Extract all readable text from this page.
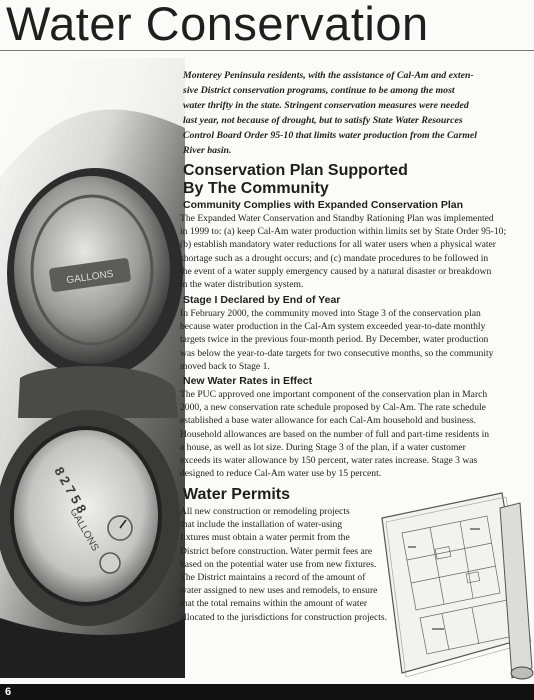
Water Conservation
GALLONS
8 2 7 5 8
GALLONS
Monterey Peninsula residents, with the assistance of Cal-Am and exten-
sive District conservation programs, continue to be among the most
water thrifty in the state. Stringent conservation measures were needed
last year, not because of drought, but to satisfy State Water Resources
Control Board Order 95-10 that limits water production from the Carmel
River basin.
Conservation Plan Supported
By The Community
Community Complies with Expanded Conservation Plan

The Expanded Water Conservation and Standby Rationing Plan was implemented
in 1999 to: (a) keep Cal-Am water production within limits set by State Order 95-10;
(b) establish mandatory water reductions for all water users when a physical water
shortage such as a drought occurs; and (c) mandate procedures to be followed in
the event of a water supply emergency caused by a natural disaster or breakdown
in the water distribution system.

Stage I Declared by End of Year

In February 2000, the community moved into Stage 3 of the conservation plan
because water production in the Cal-Am system exceeded year-to-date monthly
targets twice in the previous four-month period. By December, water production
was below the year-to-date targets for two consecutive months, so the community
moved back to Stage 1.

New Water Rates in Effect

The PUC approved one important component of the conservation plan in March
2000, a new conservation rate schedule proposed by Cal-Am. The rate schedule
established a base water allowance for each Cal-Am household and business.
Household allowances are based on the number of full and part-time residents in
a house, as well as lot size. During Stage 3 of the plan, if a water customer
exceeds its water allowance by 150 percent, water rates increase. Stage 3 was
designed to reduce Cal-Am water use by 15 percent.

Water Permits

All new construction or remodeling projects
that include the installation of water-using
fixtures must obtain a water permit from the
District before construction. Water permit fees are
based on the potential water use from new fixtures.
The District maintains a record of the amount of
water assigned to new uses and remodels, to ensure
that the total remains within the amount of water
allocated to the jurisdictions for construction projects.

6
